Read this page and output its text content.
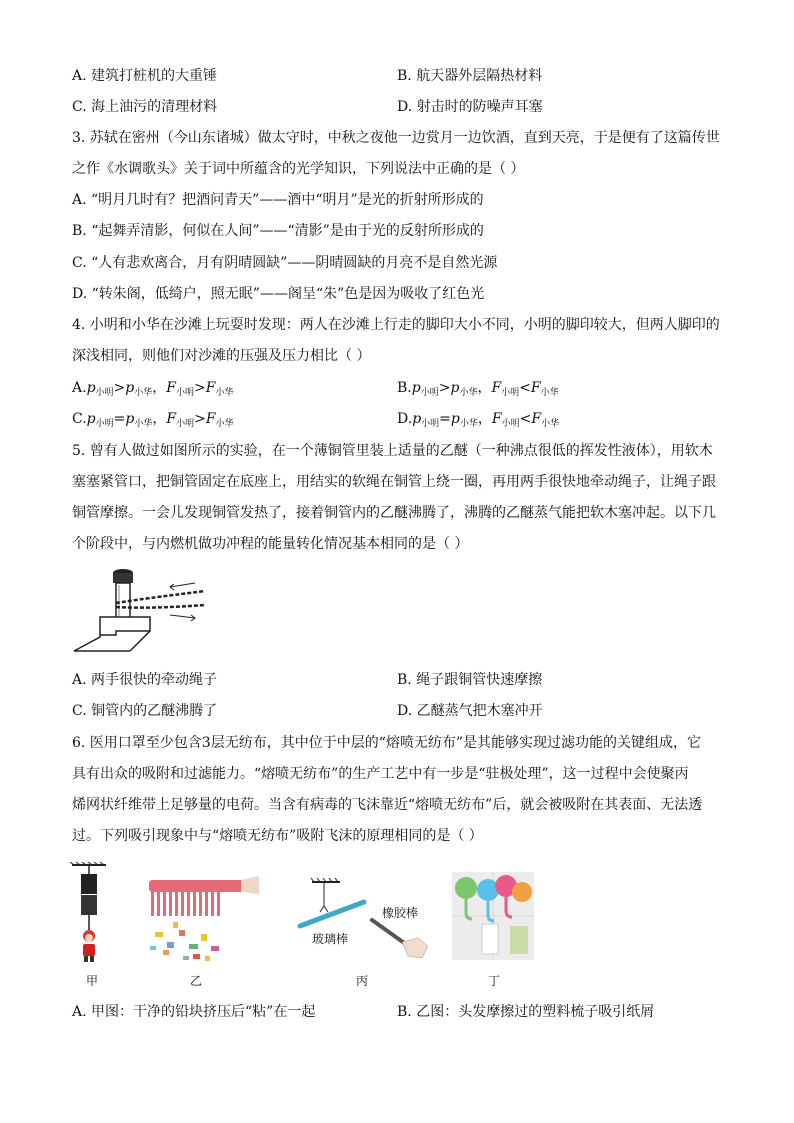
A. 建筑打桩机的大重锤	B. 航天器外层隔热材料
C. 海上油污的清理材料	D. 射击时的防噪声耳塞
3. 苏轼在密州（今山东诸城）做太守时，中秋之夜他一边赏月一边饮酒，直到天亮，于是便有了这篇传世
之作《水调歌头》关于词中所蕴含的光学知识，下列说法中正确的是（ ）
A. “明月几时有？把酒问青天”——酒中“明月”是光的折射所形成的
B. “起舞弄清影，何似在人间”——“清影”是由于光的反射所形成的
C. “人有悲欢离合，月有阴晴圆缺”——阴晴圆缺的月亮不是自然光源
D. “转朱阁，低绮户，照无眠”——阁呈“朱”色是因为吸收了红色光
4. 小明和小华在沙滩上玩耍时发现：两人在沙滩上行走的脚印大小不同，小明的脚印较大，但两人脚印的
深浅相同，则他们对沙滩的压强及压力相比（ ）
$A.p_{小明}>p_{小华}$，$F_{小明}>F_{小华}$	$B.p_{小明}>p_{小华}$，$F_{小明}<F_{小华}$
$C.p_{小明}=p_{小华}$，$F_{小明}>F_{小华}$	$D.p_{小明}=p_{小华}$，$F_{小明}<F_{小华}$
5. 曾有人做过如图所示的实验，在一个薄铜管里装上适量的乙醚（一种沸点很低的挥发性液体），用软木
塞塞紧管口，把铜管固定在底座上，用结实的软绳在铜管上绕一圈，再用两手很快地牵动绳子，让绳子跟
铜管摩擦。一会儿发现铜管发热了，接着铜管内的乙醚沸腾了，沸腾的乙醚蒸气能把软木塞冲起。以下几
个阶段中，与内燃机做功冲程的能量转化情况基本相同的是（ ）
A. 两手很快的牵动绳子	B. 绳子跟铜管快速摩擦
C. 铜管内的乙醚沸腾了	D. 乙醚蒸气把木塞冲开
6. 医用口罩至少包含3层无纺布，其中位于中层的“熔喷无纺布”是其能够实现过滤功能的关键组成，它
具有出众的吸附和过滤能力。“熔喷无纺布”的生产工艺中有一步是“驻极处理”，这一过程中会使聚丙
烯网状纤维带上足够量的电荷。当含有病毒的飞沫靠近“熔喷无纺布”后，就会被吸附在其表面、无法透
过。下列吸引现象中与“熔喷无纺布”吸附飞沫的原理相同的是（ ）
甲	乙
玻璃棒
橡胶棒
丙	丁
A. 甲图：干净的铅块挤压后“粘”在一起	B. 乙图：头发摩擦过的塑料梳子吸引纸屑
